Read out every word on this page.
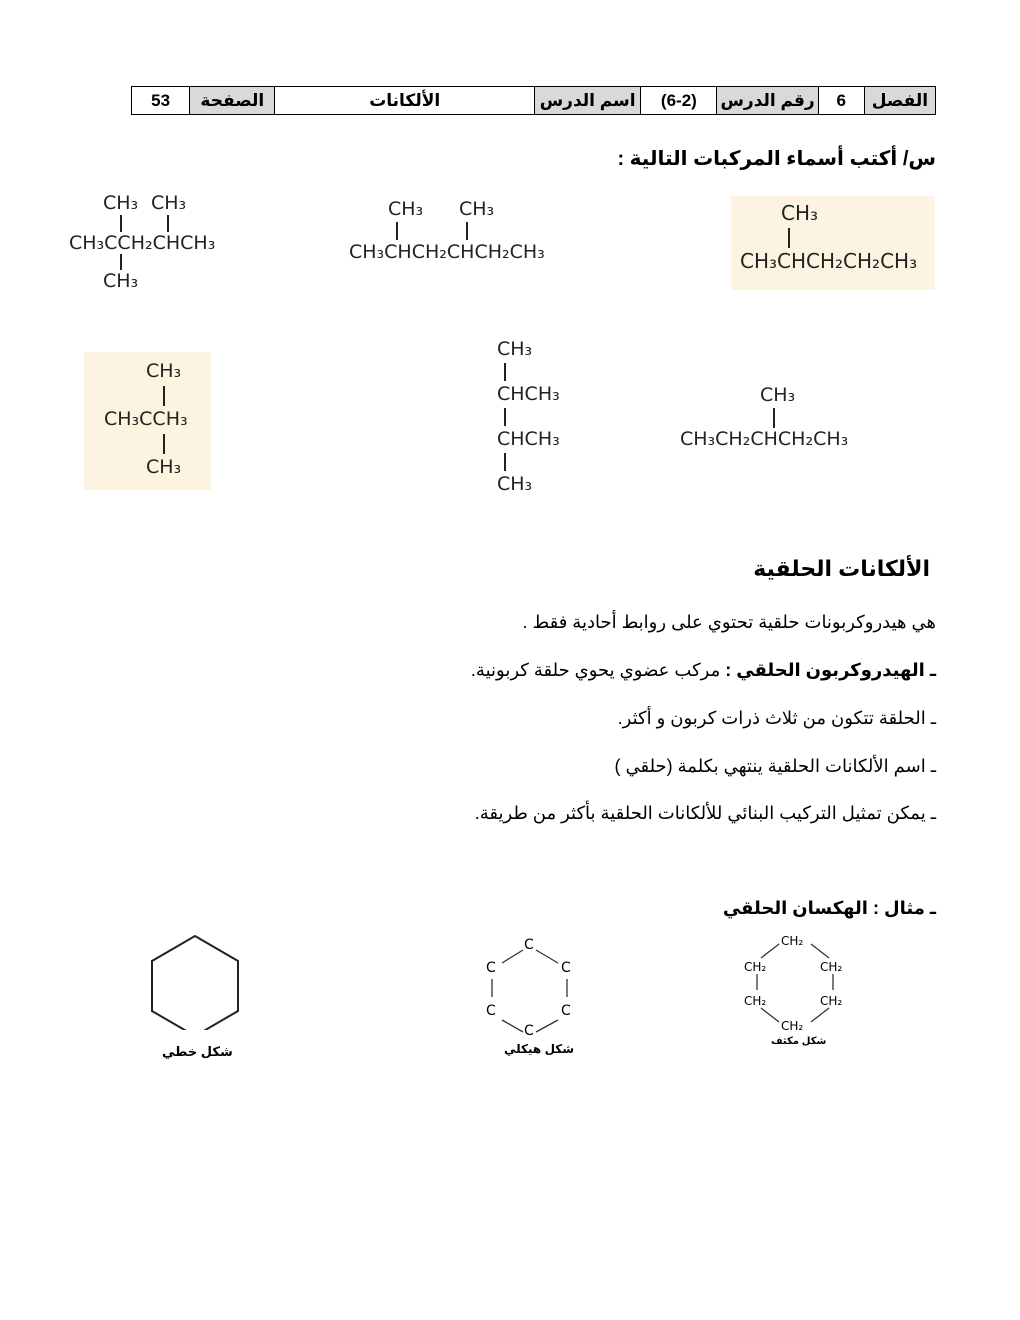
الفصل	6	رقم الدرس	(6-2)	اسم الدرس	الألكانات	الصفحة	53
س/ أكتب أسماء المركبات التالية :
CH₃
CH₃CHCH₂CH₂CH₃
CH₃ CH₃
CH₃CHCH₂CHCH₂CH₃
CH₃ CH₃
CH₃CCH₂CHCH₃
CH₃
CH₃
CH₃CH₂CHCH₂CH₃
CH₃
CHCH₃
CHCH₃
CH₃
CH₃
CH₃CCH₃
CH₃
الألكانات الحلقية
هي هيدروكربونات حلقية تحتوي على روابط أحادية فقط .
ـ الهيدروكربون الحلقي : مركب عضوي يحوي حلقة كربونية.
ـ الحلقة تتكون من ثلاث ذرات كربون و أكثر.
ـ اسم الألكانات الحلقية ينتهي بكلمة (حلقي )
ـ يمكن تمثيل التركيب البنائي للألكانات الحلقية بأكثر من طريقة.
ـ مثال : الهكسان الحلقي
CH₂
CH₂	CH₂
CH₂	CH₂
CH₂
شكل مكثف
C
C	C
C	C
C
شكل هيكلي
شكل خطي
